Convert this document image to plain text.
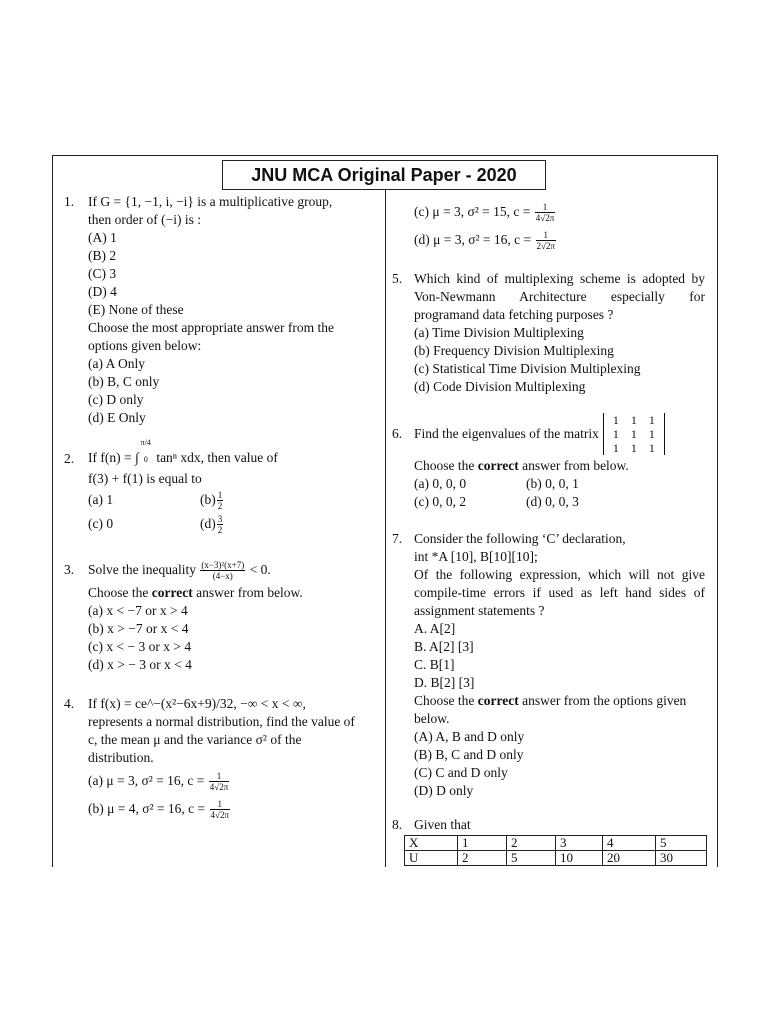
JNU MCA Original Paper - 2020
1. If G = {1, −1, i, −i} is a multiplicative group,
then order of (−i) is :
(A) 1
(B) 2
(C) 3
(D) 4
(E) None of these
Choose the most appropriate answer from the
options given below:
(a) A Only
(b) B, C only
(c) D only
(d) E Only
2. If f(n) = ∫
π/4
0 tanⁿ xdx, then value of
f(3) + f(1) is equal to
(a) 1	$(b) \frac{1}{2}$
(c) 0	$(d) \frac{3}{2}$
3. Solve the inequality $\frac{\text{(x−3)²(x+7)}}{(4-x)} < 0$.
Choose the correct answer from below.
(a) x < −7 or x > 4
(b) x > −7 or x < 4
(c) x < − 3 or x > 4
(d) x > − 3 or x < 4
4. If f(x) = ce^−(x²−6x+9)/32, −∞ < x < ∞,
represents a normal distribution, find the value of
c, the mean μ and the variance σ² of the
distribution.
(a) μ = 3, σ² = 16, $c = \frac{1}{4√2\pi}$
(b) μ = 4, σ² = 16, $c = \frac{1}{4√2\pi}$
(c) μ = 3, σ² = 15, $c = \frac{1}{4√2\pi}$
(d) μ = 3, σ² = 16, $c = \frac{1}{2√2\pi}$
5. Which kind of multiplexing scheme is adopted by
Von-Newmann Architecture especially for
programand data fetching purposes ?
(a) Time Division Multiplexing
(b) Frequency Division Multiplexing
(c) Statistical Time Division Multiplexing
(d) Code Division Multiplexing
6. Find the eigenvalues of the matrix
1 1 1
1 1 1
1 1 1
Choose the correct answer from below.
(a) 0, 0, 0	(b) 0, 0, 1
(c) 0, 0, 2	(d) 0, 0, 3
7. Consider the following ‘C’ declaration,
int *A [10], B[10][10];
Of the following expression, which will not give
compile-time errors if used as left hand sides of
assignment statements ?
A. A[2]
B. A[2] [3]
C. B[1]
D. B[2] [3]
Choose the correct answer from the options given
below.
(A) A, B and D only
(B) B, C and D only
(C) C and D only
(D) D only
8. Given that
X	1	2	3	4	5
U	2	5	10	20	30
